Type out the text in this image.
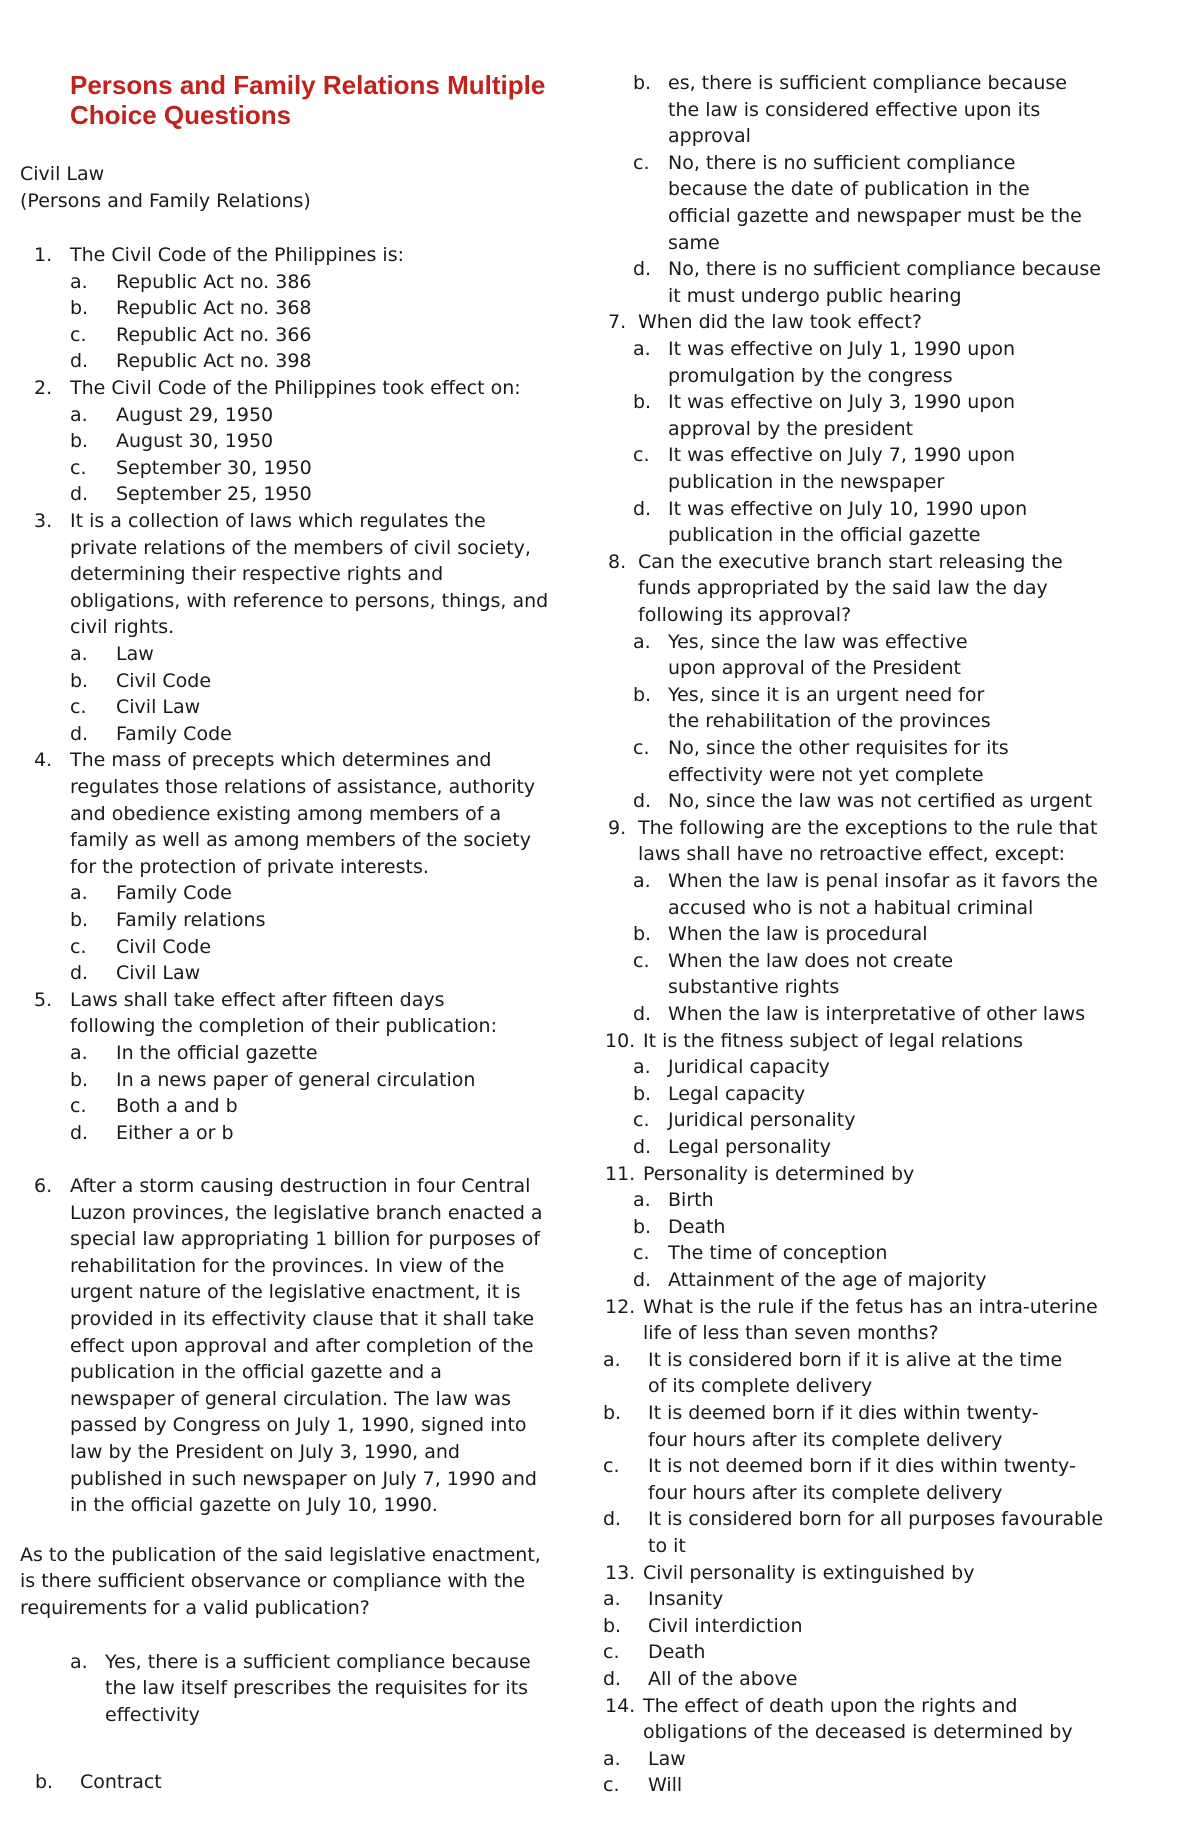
Persons and Family Relations Multiple
Choice Questions
Civil Law
(Persons and Family Relations)
1. The Civil Code of the Philippines is:
a. Republic Act no. 386
b. Republic Act no. 368
c. Republic Act no. 366
d. Republic Act no. 398
2. The Civil Code of the Philippines took effect on:
a. August 29, 1950
b. August 30, 1950
c. September 30, 1950
d. September 25, 1950
3. It is a collection of laws which regulates the
private relations of the members of civil society,
determining their respective rights and
obligations, with reference to persons, things, and
civil rights.
a. Law
b. Civil Code
c. Civil Law
d. Family Code
4. The mass of precepts which determines and
regulates those relations of assistance, authority
and obedience existing among members of a
family as well as among members of the society
for the protection of private interests.
a. Family Code
b. Family relations
c. Civil Code
d. Civil Law
5. Laws shall take effect after fifteen days
following the completion of their publication:
a. In the official gazette
b. In a news paper of general circulation
c. Both a and b
d. Either a or b
6. After a storm causing destruction in four Central
Luzon provinces, the legislative branch enacted a
special law appropriating 1 billion for purposes of
rehabilitation for the provinces. In view of the
urgent nature of the legislative enactment, it is
provided in its effectivity clause that it shall take
effect upon approval and after completion of the
publication in the official gazette and a
newspaper of general circulation. The law was
passed by Congress on July 1, 1990, signed into
law by the President on July 3, 1990, and
published in such newspaper on July 7, 1990 and
in the official gazette on July 10, 1990.
As to the publication of the said legislative enactment,
is there sufficient observance or compliance with the
requirements for a valid publication?
a. Yes, there is a sufficient compliance because
the law itself prescribes the requisites for its
effectivity
b. Contract
b. es, there is sufficient compliance because
the law is considered effective upon its
approval
c. No, there is no sufficient compliance
because the date of publication in the
official gazette and newspaper must be the
same
d. No, there is no sufficient compliance because
it must undergo public hearing
7. When did the law took effect?
a. It was effective on July 1, 1990 upon
promulgation by the congress
b. It was effective on July 3, 1990 upon
approval by the president
c. It was effective on July 7, 1990 upon
publication in the newspaper
d. It was effective on July 10, 1990 upon
publication in the official gazette
8. Can the executive branch start releasing the
funds appropriated by the said law the day
following its approval?
a. Yes, since the law was effective
upon approval of the President
b. Yes, since it is an urgent need for
the rehabilitation of the provinces
c. No, since the other requisites for its
effectivity were not yet complete
d. No, since the law was not certified as urgent
9. The following are the exceptions to the rule that
laws shall have no retroactive effect, except:
a. When the law is penal insofar as it favors the
accused who is not a habitual criminal
b. When the law is procedural
c. When the law does not create
substantive rights
d. When the law is interpretative of other laws
10. It is the fitness subject of legal relations
a. Juridical capacity
b. Legal capacity
c. Juridical personality
d. Legal personality
11. Personality is determined by
a. Birth
b. Death
c. The time of conception
d. Attainment of the age of majority
12. What is the rule if the fetus has an intra-uterine
life of less than seven months?
a. It is considered born if it is alive at the time
of its complete delivery
b. It is deemed born if it dies within twenty-
four hours after its complete delivery
c. It is not deemed born if it dies within twenty-
four hours after its complete delivery
d. It is considered born for all purposes favourable
to it
13. Civil personality is extinguished by
a. Insanity
b. Civil interdiction
c. Death
d. All of the above
14. The effect of death upon the rights and
obligations of the deceased is determined by
a. Law
c. Will
